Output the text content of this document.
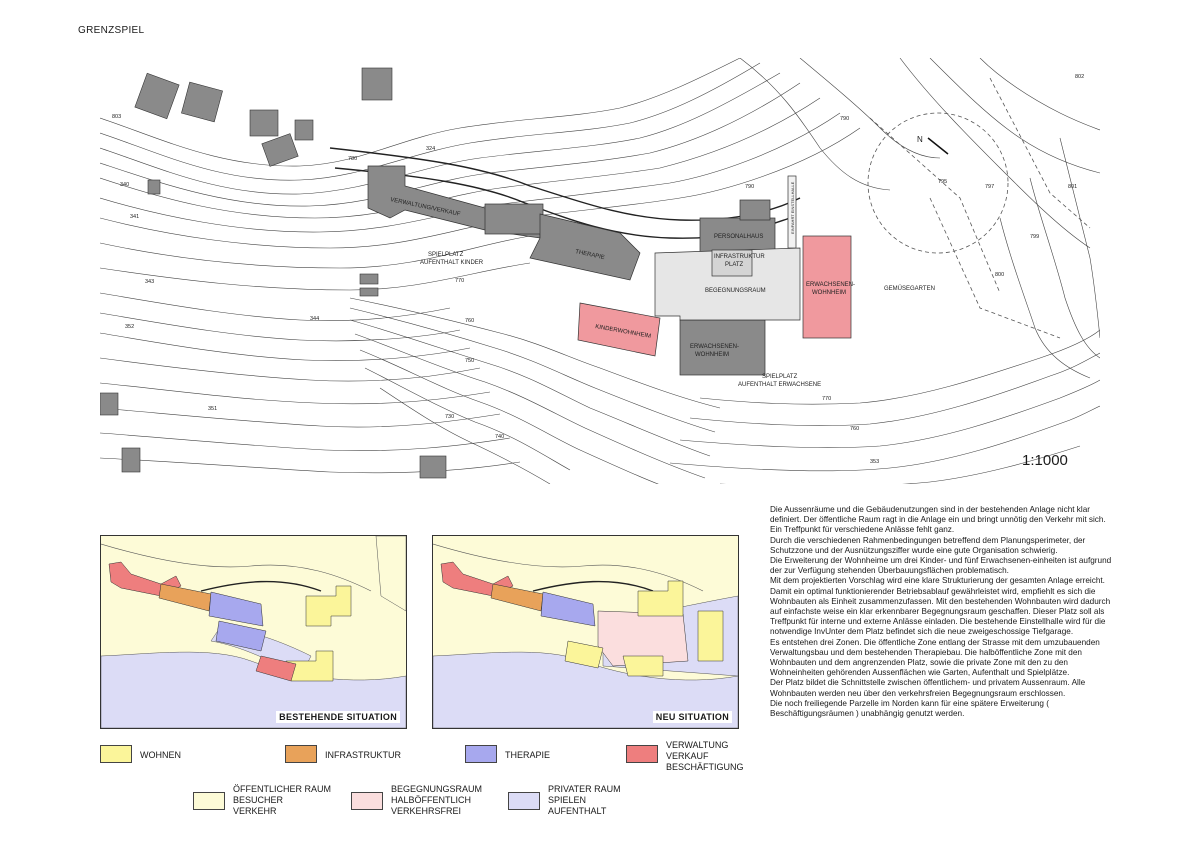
GRENZSPIEL
N
VERWALTUNG/VERKAUF
THERAPIE
PERSONALHAUS
INFRASTRUKTUR
PLATZ
BEGEGNUNGSRAUM
ERWACHSENEN-
WOHNHEIM
KINDERWOHNHEIM
ERWACHSENEN-
WOHNHEIM
EINFAHRT EINSTELLHALLE
SPIELPLATZ
AUFENTHALT KINDER
GEMÜSEGARTEN
SPIELPLATZ
AUFENTHALT ERWACHSENE
780
324
790
770
760
750
740
730
770
760
790
795
797
799
800
801
802
803
340
341
343
344
351
352
353	1:1000
BESTEHENDE SITUATION	NEU SITUATION
WOHNEN	INFRASTRUKTUR	THERAPIE
VERWALTUNG
VERKAUF
BESCHÄFTIGUNG
ÖFFENTLICHER RAUM
BESUCHER
VERKEHR
BEGEGNUNGSRAUM
HALBÖFFENTLICH
VERKEHRSFREI
PRIVATER RAUM
SPIELEN
AUFENTHALT

Die Aussenräume und die Gebäudenutzungen sind in der bestehenden Anlage nicht klar definiert. Der öffentliche Raum ragt in die Anlage ein und bringt unnötig den Verkehr mit sich. Ein Treffpunkt für verschiedene Anlässe fehlt ganz.

Durch die verschiedenen Rahmenbedingungen betreffend dem Planungsperimeter, der Schutzzone und der Ausnützungsziffer wurde eine gute Organisation schwierig.

Die Erweiterung der Wohnheime um drei Kinder- und fünf Erwachsenen-einheiten ist aufgrund der zur Verfügung stehenden Überbauungsflächen problematisch.

Mit dem projektierten Vorschlag wird eine klare Strukturierung der gesamten Anlage erreicht. Damit ein optimal funktionierender Betriebsablauf gewährleistet wird, empfiehlt es sich die Wohnbauten als Einheit zusammenzufassen. Mit den bestehenden Wohnbauten wird dadurch auf einfachste weise ein klar erkennbarer Begegnungsraum geschaffen. Dieser Platz soll als Treffpunkt für interne und externe Anlässe einladen. Die bestehende Einstellhalle wird für die notwendige InvUnter dem Platz befindet sich die neue zweigeschossige Tiefgarage.

Es entstehen drei Zonen. Die öffentliche Zone entlang der Strasse mit dem umzubauenden Verwaltungsbau und dem bestehenden Therapiebau. Die halböffentliche Zone mit den Wohnbauten und dem angrenzenden Platz, sowie die private Zone mit den zu den Wohneinheiten gehörenden Aussenflächen wie Garten, Aufenthalt und Spielplätze.

Der Platz bildet die Schnittstelle zwischen öffentlichem- und privatem Aussenraum. Alle Wohnbauten werden neu über den verkehrsfreien Begegnungsraum erschlossen.

Die noch freiliegende Parzelle im Norden kann für eine spätere Erweiterung ( Beschäftigungsräumen ) unabhängig genutzt werden.
